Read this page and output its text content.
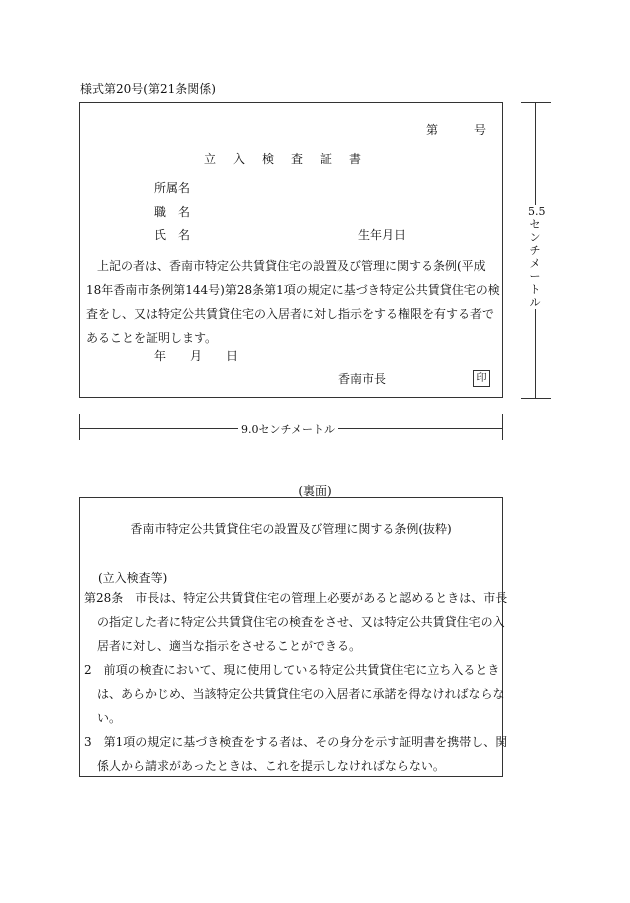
様式第20号(第21条関係)
第　　　号
立入検査証書
所属名
職　名
氏　名	生年月日
上記の者は、香南市特定公共賃貸住宅の設置及び管理に関する条例(平成18年香南市条例第144号)第28条第1項の規定に基づき特定公共賃貸住宅の検査をし、又は特定公共賃貸住宅の入居者に対し指示をする権限を有する者であることを証明します。
年　　月　　日
香南市長	印
5.5センチメートル
9.0センチメートル
(裏面)
香南市特定公共賃貸住宅の設置及び管理に関する条例(抜粋)
(立入検査等)
第28条　市長は、特定公共賃貸住宅の管理上必要があると認めるときは、市長の指定した者に特定公共賃貸住宅の検査をさせ、又は特定公共賃貸住宅の入居者に対し、適当な指示をさせることができる。
2　前項の検査において、現に使用している特定公共賃貸住宅に立ち入るときは、あらかじめ、当該特定公共賃貸住宅の入居者に承諾を得なければならない。
3　第1項の規定に基づき検査をする者は、その身分を示す証明書を携帯し、関係人から請求があったときは、これを提示しなければならない。
